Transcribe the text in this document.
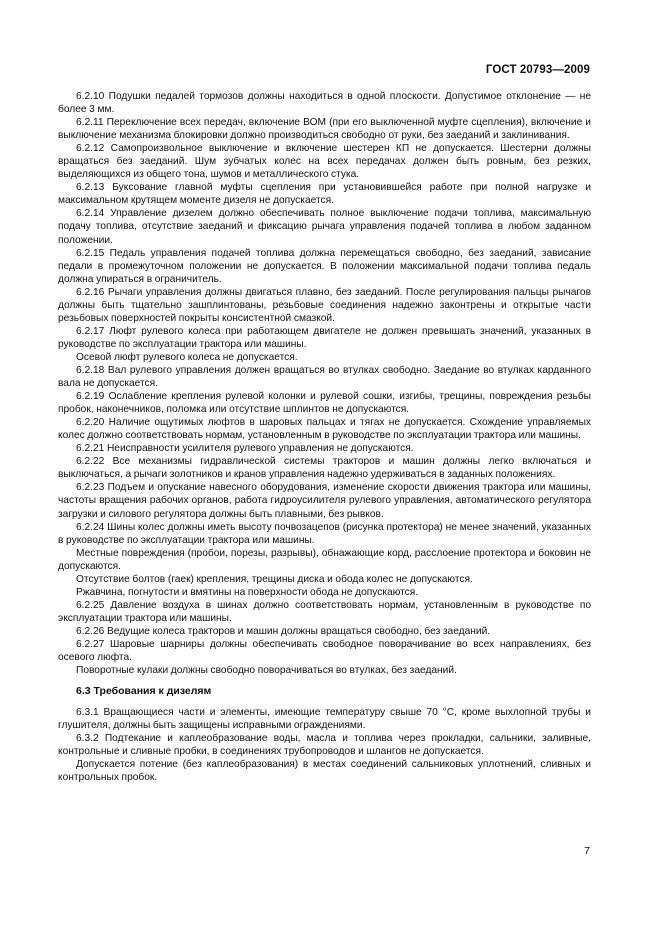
ГОСТ 20793—2009

6.2.10 Подушки педалей тормозов должны находиться в одной плоскости. Допустимое отклонение — не более 3 мм.

6.2.11 Переключение всех передач, включение ВОМ (при его выключенной муфте сцепления), включение и выключение механизма блокировки должно производиться свободно от руки, без заеданий и заклинивания.

6.2.12 Самопроизвольное выключение и включение шестерен КП не допускается. Шестерни должны вращаться без заеданий. Шум зубчатых колес на всех передачах должен быть ровным, без резких, выделяющихся из общего тона, шумов и металлического стука.

6.2.13 Буксование главной муфты сцепления при установившейся работе при полной нагрузке и максимальном крутящем моменте дизеля не допускается.

6.2.14 Управление дизелем должно обеспечивать полное выключение подачи топлива, максимальную подачу топлива, отсутствие заеданий и фиксацию рычага управления подачей топлива в любом заданном положении.

6.2.15 Педаль управления подачей топлива должна перемещаться свободно, без заеданий, зависание педали в промежуточном положении не допускается. В положении максимальной подачи топлива педаль должна упираться в ограничитель.

6.2.16 Рычаги управления должны двигаться плавно, без заеданий. После регулирования пальцы рычагов должны быть тщательно зашплинтованы, резьбовые соединения надежно законтрены и открытые части резьбовых поверхностей покрыты консистентной смазкой.

6.2.17 Люфт рулевого колеса при работающем двигателе не должен превышать значений, указанных в руководстве по эксплуатации трактора или машины.

Осевой люфт рулевого колеса не допускается.

6.2.18 Вал рулевого управления должен вращаться во втулках свободно. Заедание во втулках карданного вала не допускается.

6.2.19 Ослабление крепления рулевой колонки и рулевой сошки, изгибы, трещины, повреждения резьбы пробок, наконечников, поломка или отсутствие шплинтов не допускаются.

6.2.20 Наличие ощутимых люфтов в шаровых пальцах и тягах не допускается. Схождение управляемых колес должно соответствовать нормам, установленным в руководстве по эксплуатации трактора или машины.

6.2.21 Неисправности усилителя рулевого управления не допускаются.

6.2.22 Все механизмы гидравлической системы тракторов и машин должны легко включаться и выключаться, а рычаги золотников и кранов управления надежно удерживаться в заданных положениях.

6.2.23 Подъем и опускание навесного оборудования, изменение скорости движения трактора или машины, частоты вращения рабочих органов, работа гидроусилителя рулевого управления, автоматического регулятора загрузки и силового регулятора должны быть плавными, без рывков.

6.2.24 Шины колес должны иметь высоту почвозацепов (рисунка протектора) не менее значений, указанных в руководстве по эксплуатации трактора или машины.

Местные повреждения (пробои, порезы, разрывы), обнажающие корд, расслоение протектора и боковин не допускаются.

Отсутствие болтов (гаек) крепления, трещины диска и обода колес не допускаются.

Ржавчина, погнутости и вмятины на поверхности обода не допускаются.

6.2.25 Давление воздуха в шинах должно соответствовать нормам, установленным в руководстве по эксплуатации трактора или машины.

6.2.26 Ведущие колеса тракторов и машин должны вращаться свободно, без заеданий.

6.2.27 Шаровые шарниры должны обеспечивать свободное поворачивание во всех направлениях, без осевого люфта.

Поворотные кулаки должны свободно поворачиваться во втулках, без заеданий.

6.3 Требования к дизелям

6.3.1 Вращающиеся части и элементы, имеющие температуру свыше 70 °С, кроме выхлопной трубы и глушителя, должны быть защищены исправными ограждениями.

6.3.2 Подтекание и каплеобразование воды, масла и топлива через прокладки, сальники, заливные, контрольные и сливные пробки, в соединениях трубопроводов и шлангов не допускается.

Допускается потение (без каплеобразования) в местах соединений сальниковых уплотнений, сливных и контрольных пробок.

7
